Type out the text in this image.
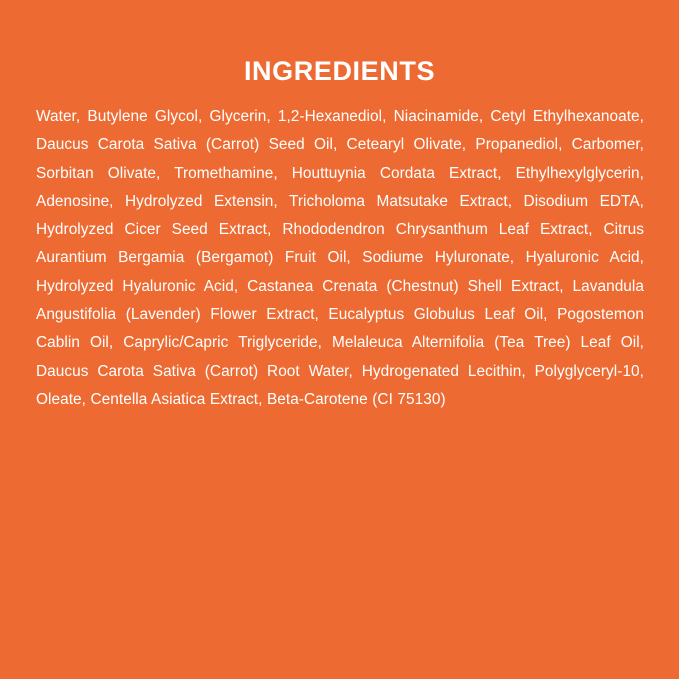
INGREDIENTS
Water, Butylene Glycol, Glycerin, 1,2-Hexanediol, Niacinamide, Cetyl Ethylhexanoate, Daucus Carota Sativa (Carrot) Seed Oil, Cetearyl Olivate, Propanediol, Carbomer, Sorbitan Olivate, Tromethamine, Houttuynia Cordata Extract, Ethylhexylglycerin, Adenosine, Hydrolyzed Extensin, Tricholoma Matsutake Extract, Disodium EDTA, Hydrolyzed Cicer Seed Extract, Rhododendron Chrysanthum Leaf Extract, Citrus Aurantium Bergamia (Bergamot) Fruit Oil, Sodiume Hyluronate, Hyaluronic Acid, Hydrolyzed Hyaluronic Acid, Castanea Crenata (Chestnut) Shell Extract, Lavandula Angustifolia (Lavender) Flower Extract, Eucalyptus Globulus Leaf Oil, Pogostemon Cablin Oil, Caprylic/Capric Triglyceride, Melaleuca Alternifolia (Tea Tree) Leaf Oil, Daucus Carota Sativa (Carrot) Root Water, Hydrogenated Lecithin, Polyglyceryl-10, Oleate, Centella Asiatica Extract, Beta-Carotene (CI 75130)
